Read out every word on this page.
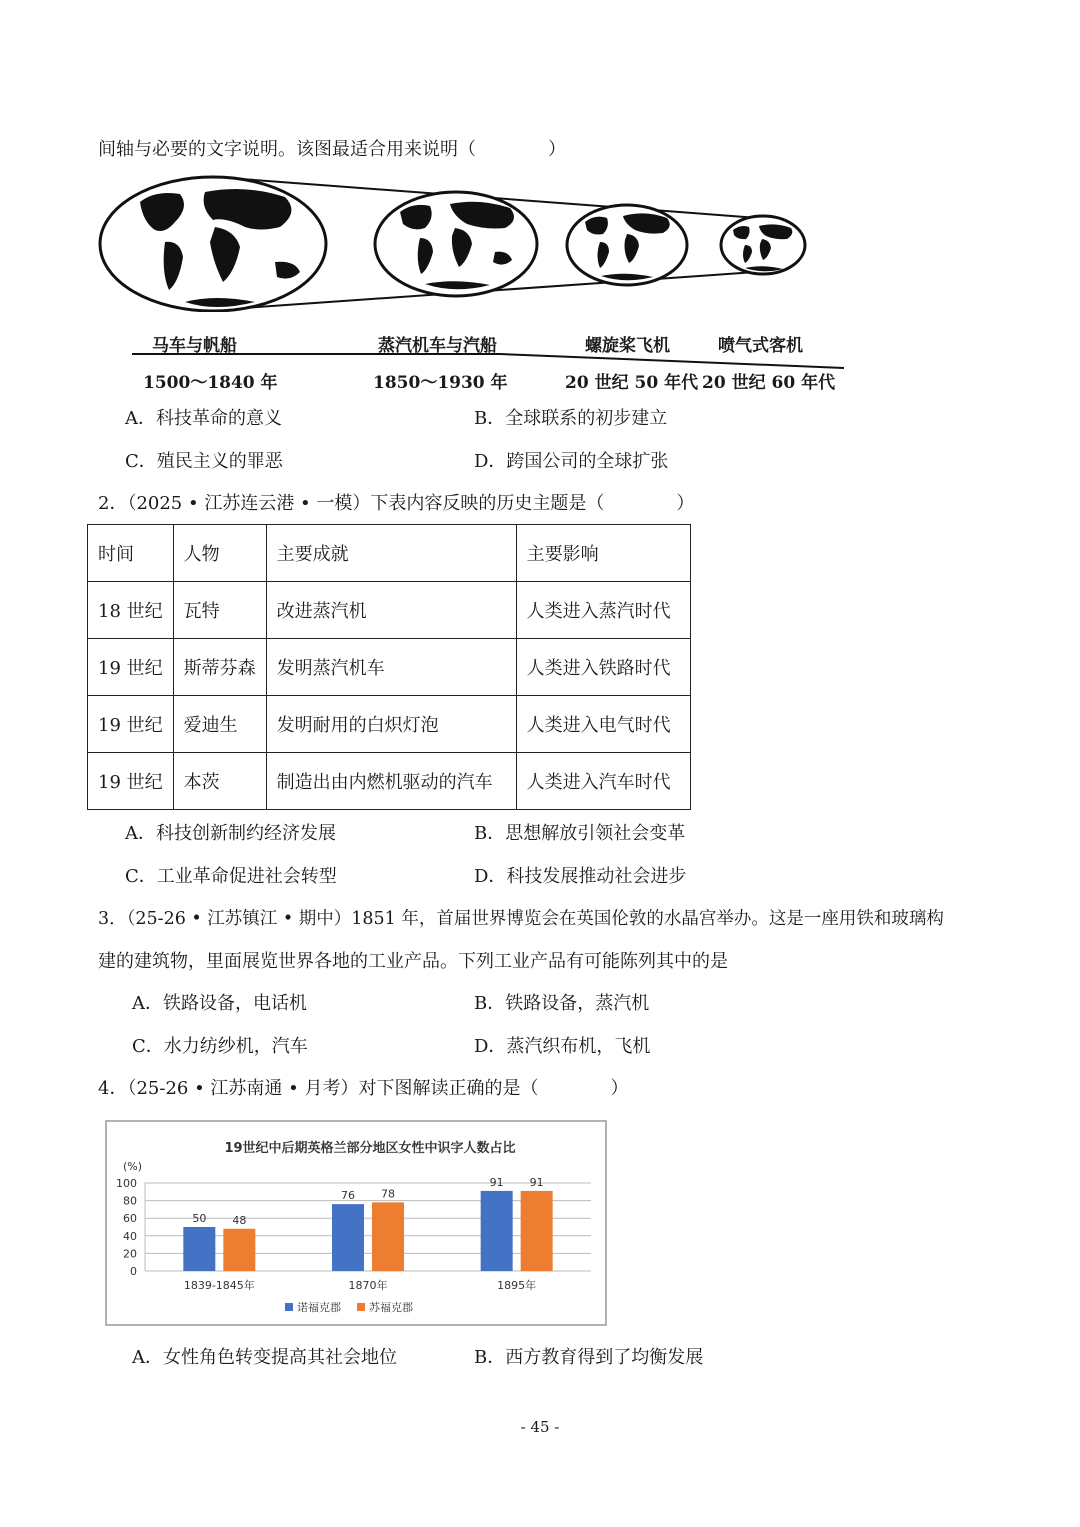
间轴与必要的文字说明。该图最适合用来说明（　　　　）
马车与帆船	蒸汽机车与汽船	螺旋桨飞机	喷气式客机
1500～1840 年	1850～1930 年	20 世纪 50 年代 20 世纪 60 年代
A．科技革命的意义	B．全球联系的初步建立
C．殖民主义的罪恶	D．跨国公司的全球扩张
2．（2025 • 江苏连云港 • 一模）下表内容反映的历史主题是（　　　　）
时间	人物	主要成就	主要影响
18 世纪	瓦特	改进蒸汽机	人类进入蒸汽时代
19 世纪	斯蒂芬森	发明蒸汽机车	人类进入铁路时代
19 世纪	爱迪生	发明耐用的白炽灯泡	人类进入电气时代
19 世纪	本茨	制造出由内燃机驱动的汽车	人类进入汽车时代
A．科技创新制约经济发展	B．思想解放引领社会变革
C．工业革命促进社会转型	D．科技发展推动社会进步
3．（25-26 • 江苏镇江 • 期中）1851 年，首届世界博览会在英国伦敦的水晶宫举办。这是一座用铁和玻璃构
建的建筑物，里面展览世界各地的工业产品。下列工业产品有可能陈列其中的是
A．铁路设备，电话机	B．铁路设备，蒸汽机
C．水力纺纱机，汽车	D．蒸汽织布机，飞机
4．（25-26 • 江苏南通 • 月考）对下图解读正确的是（　　　　）
19世纪中后期英格兰部分地区女性中识字人数占比
(%)
0
20
40
60
80
100
50 48
1839-1845年
76 78
1870年
91 91
1895年
诺福克郡	苏福克郡
A．女性角色转变提高其社会地位	B．西方教育得到了均衡发展
- 45 -
